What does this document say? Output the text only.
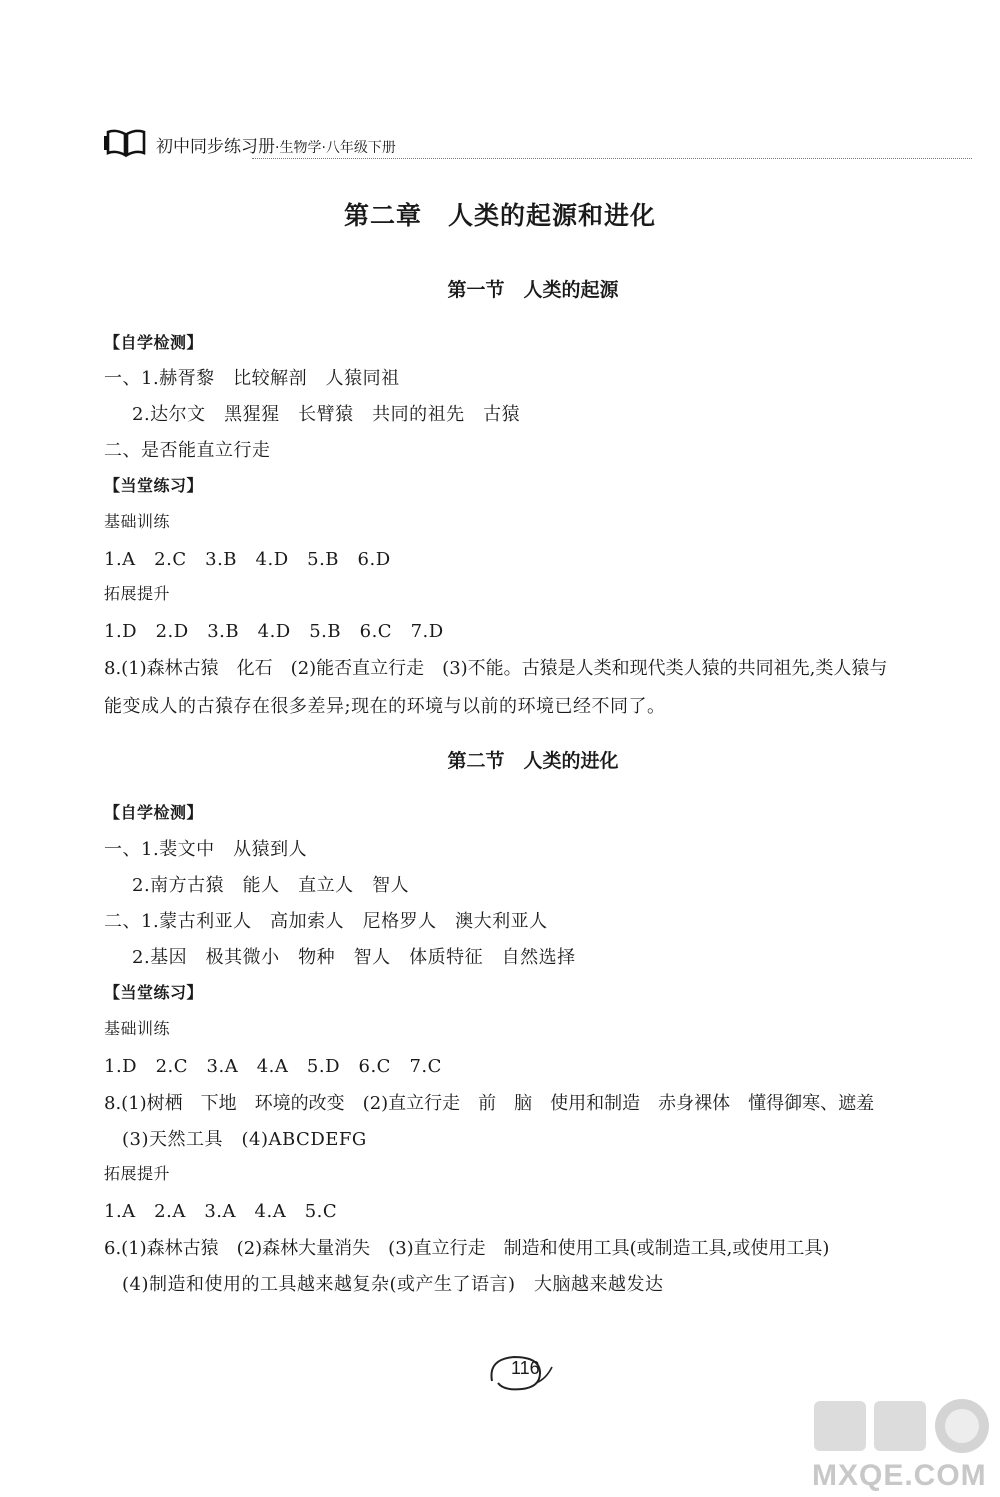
初中同步练习册·生物学·八年级下册
第二章　人类的起源和进化
第一节　人类的起源
【自学检测】
一、1.赫胥黎　比较解剖　人猿同祖
2.达尔文　黑猩猩　长臂猿　共同的祖先　古猿
二、是否能直立行走
【当堂练习】
基础训练
1.A　2.C　3.B　4.D　5.B　6.D
拓展提升
1.D　2.D　3.B　4.D　5.B　6.C　7.D
8.(1)森林古猿　化石　(2)能否直立行走　(3)不能。古猿是人类和现代类人猿的共同祖先,类人猿与
能变成人的古猿存在很多差异;现在的环境与以前的环境已经不同了。
第二节　人类的进化
【自学检测】
一、1.裴文中　从猿到人
2.南方古猿　能人　直立人　智人
二、1.蒙古利亚人　高加索人　尼格罗人　澳大利亚人
2.基因　极其微小　物种　智人　体质特征　自然选择
【当堂练习】
基础训练
1.D　2.C　3.A　4.A　5.D　6.C　7.C
8.(1)树栖　下地　环境的改变　(2)直立行走　前　脑　使用和制造　赤身裸体　懂得御寒、遮羞
(3)天然工具　(4)ABCDEFG
拓展提升
1.A　2.A　3.A　4.A　5.C
6.(1)森林古猿　(2)森林大量消失　(3)直立行走　制造和使用工具(或制造工具,或使用工具)
(4)制造和使用的工具越来越复杂(或产生了语言)　大脑越来越发达
116
MXQE.COM
